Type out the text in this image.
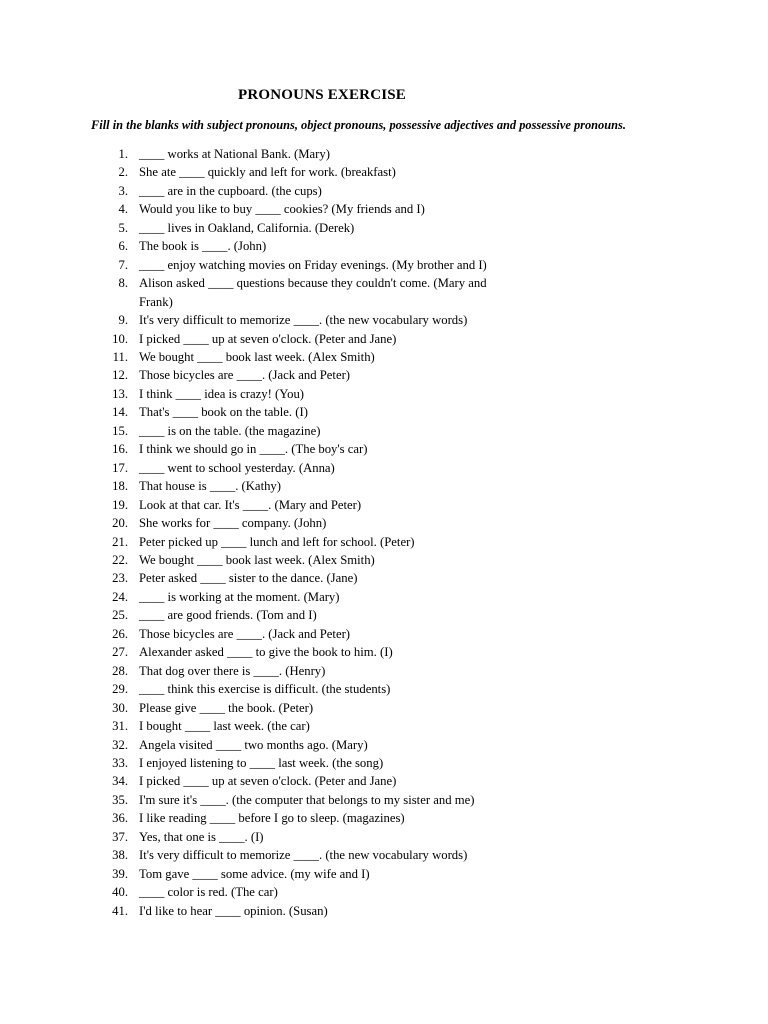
PRONOUNS EXERCISE
Fill in the blanks with subject pronouns, object pronouns, possessive adjectives and possessive pronouns.
1. ____ works at National Bank. (Mary)
2. She ate ____ quickly and left for work. (breakfast)
3. ____ are in the cupboard. (the cups)
4. Would you like to buy ____ cookies? (My friends and I)
5. ____ lives in Oakland, California. (Derek)
6. The book is ____. (John)
7. ____ enjoy watching movies on Friday evenings. (My brother and I)
8. Alison asked ____ questions because they couldn't come. (Mary and
Frank)
9. It's very difficult to memorize ____. (the new vocabulary words)
10. I picked ____ up at seven o'clock. (Peter and Jane)
11. We bought ____ book last week. (Alex Smith)
12. Those bicycles are ____. (Jack and Peter)
13. I think ____ idea is crazy! (You)
14. That's ____ book on the table. (I)
15. ____ is on the table. (the magazine)
16. I think we should go in ____. (The boy's car)
17. ____ went to school yesterday. (Anna)
18. That house is ____. (Kathy)
19. Look at that car. It's ____. (Mary and Peter)
20. She works for ____ company. (John)
21. Peter picked up ____ lunch and left for school. (Peter)
22. We bought ____ book last week. (Alex Smith)
23. Peter asked ____ sister to the dance. (Jane)
24. ____ is working at the moment. (Mary)
25. ____ are good friends. (Tom and I)
26. Those bicycles are ____. (Jack and Peter)
27. Alexander asked ____ to give the book to him. (I)
28. That dog over there is ____. (Henry)
29. ____ think this exercise is difficult. (the students)
30. Please give ____ the book. (Peter)
31. I bought ____ last week. (the car)
32. Angela visited ____ two months ago. (Mary)
33. I enjoyed listening to ____ last week. (the song)
34. I picked ____ up at seven o'clock. (Peter and Jane)
35. I'm sure it's ____. (the computer that belongs to my sister and me)
36. I like reading ____ before I go to sleep. (magazines)
37. Yes, that one is ____. (I)
38. It's very difficult to memorize ____. (the new vocabulary words)
39. Tom gave ____ some advice. (my wife and I)
40. ____ color is red. (The car)
41. I'd like to hear ____ opinion. (Susan)
